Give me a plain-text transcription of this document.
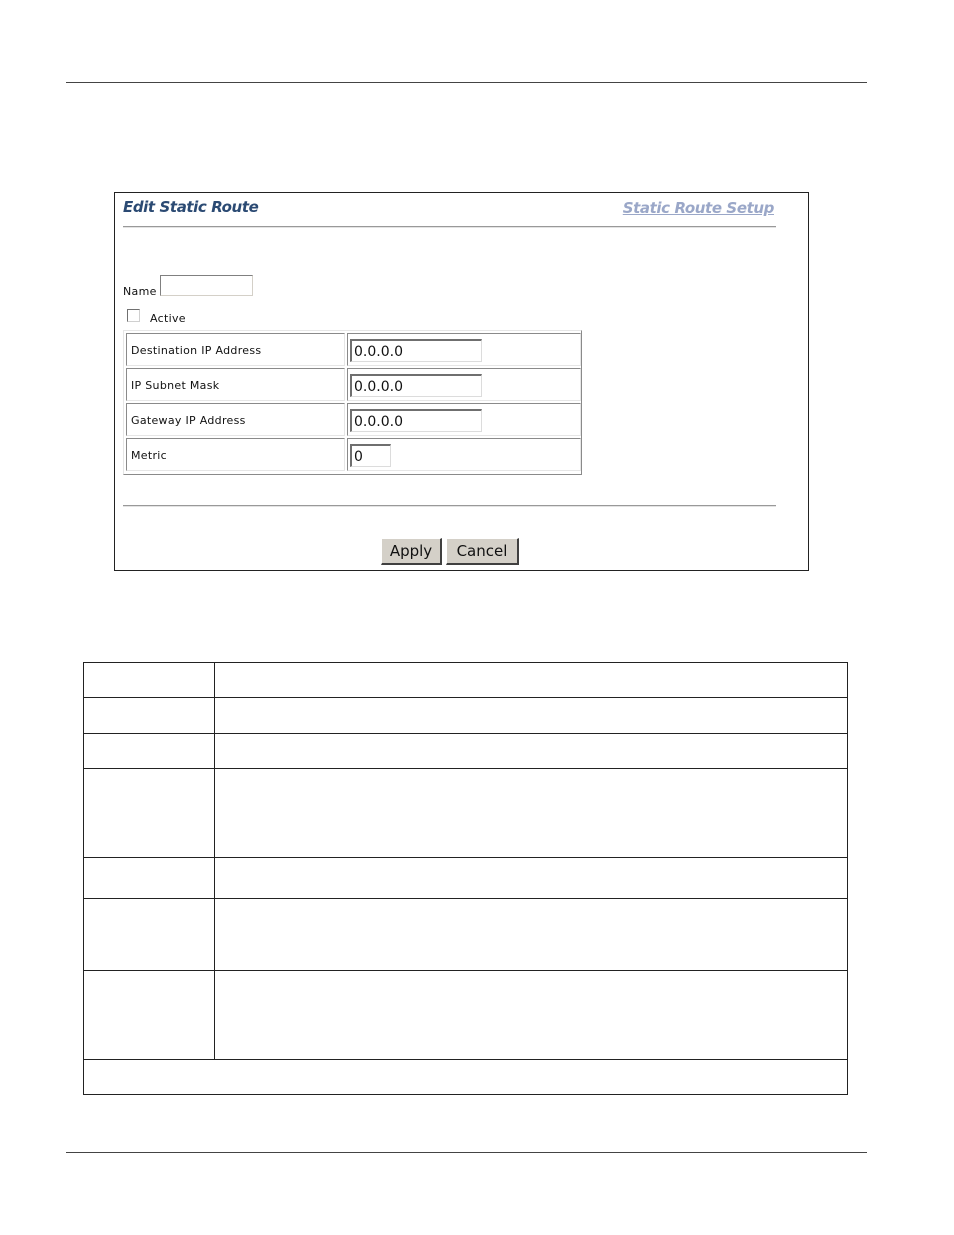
Edit Static Route	Static Route Setup
Name
Active
Destination IP Address
0.0.0.0
IP Subnet Mask
0.0.0.0
Gateway IP Address
0.0.0.0
Metric
0
Apply	Cancel
